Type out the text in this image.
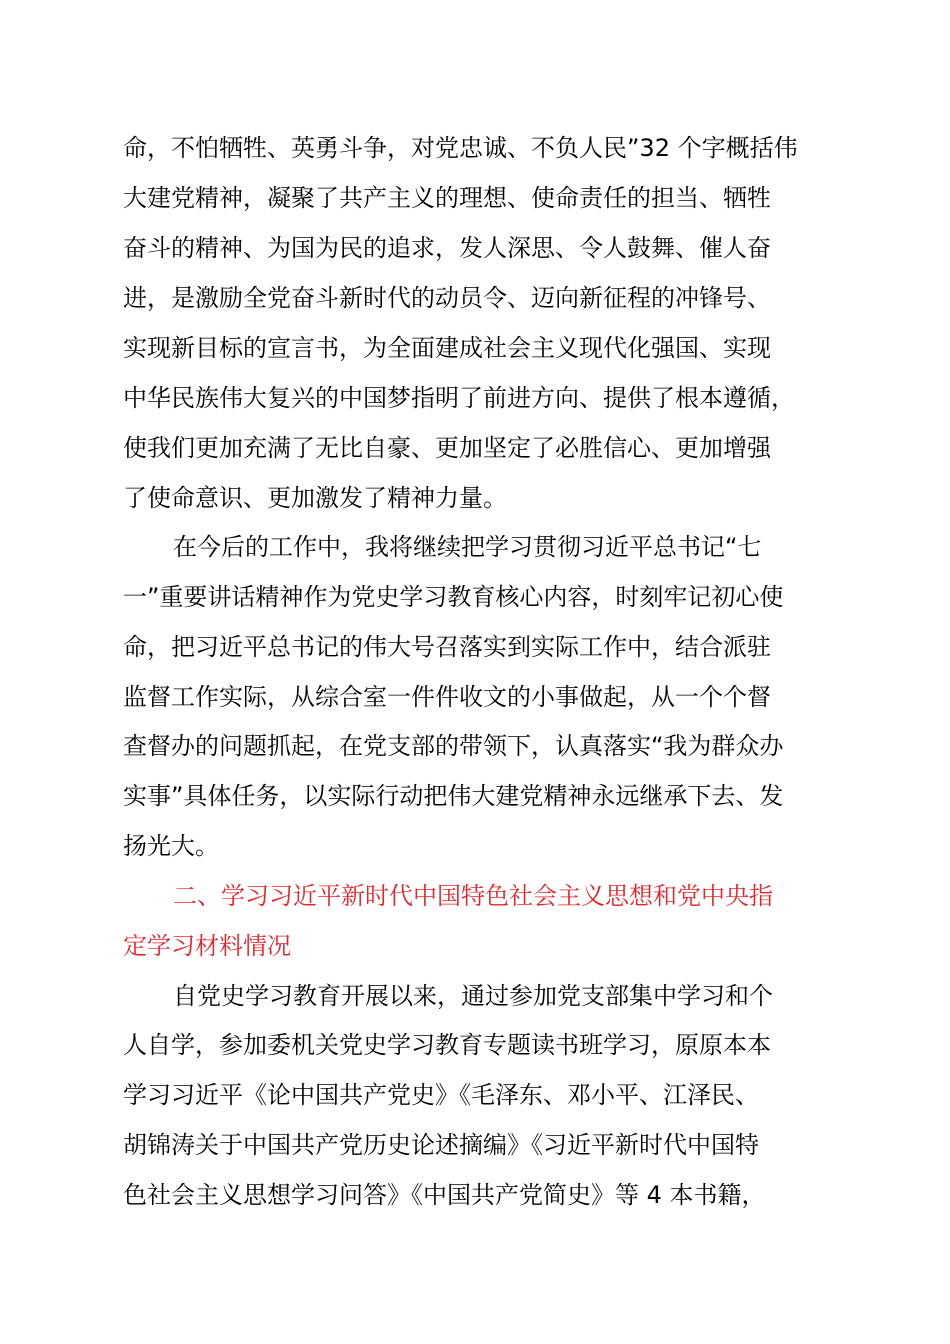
命，不怕牺牲、英勇斗争，对党忠诚、不负人民”32 个字概括伟
大建党精神，凝聚了共产主义的理想、使命责任的担当、牺牲
奋斗的精神、为国为民的追求，发人深思、令人鼓舞、催人奋
进，是激励全党奋斗新时代的动员令、迈向新征程的冲锋号、
实现新目标的宣言书，为全面建成社会主义现代化强国、实现
中华民族伟大复兴的中国梦指明了前进方向、提供了根本遵循，
使我们更加充满了无比自豪、更加坚定了必胜信心、更加增强
了使命意识、更加激发了精神力量。
在今后的工作中，我将继续把学习贯彻习近平总书记“七
一”重要讲话精神作为党史学习教育核心内容，时刻牢记初心使
命，把习近平总书记的伟大号召落实到实际工作中，结合派驻
监督工作实际，从综合室一件件收文的小事做起，从一个个督
查督办的问题抓起，在党支部的带领下，认真落实“我为群众办
实事”具体任务，以实际行动把伟大建党精神永远继承下去、发
扬光大。
二、学习习近平新时代中国特色社会主义思想和党中央指
定学习材料情况
自党史学习教育开展以来，通过参加党支部集中学习和个
人自学，参加委机关党史学习教育专题读书班学习，原原本本
学习习近平《论中国共产党史》《毛泽东、邓小平、江泽民、
胡锦涛关于中国共产党历史论述摘编》《习近平新时代中国特
色社会主义思想学习问答》《中国共产党简史》等 4 本书籍，
